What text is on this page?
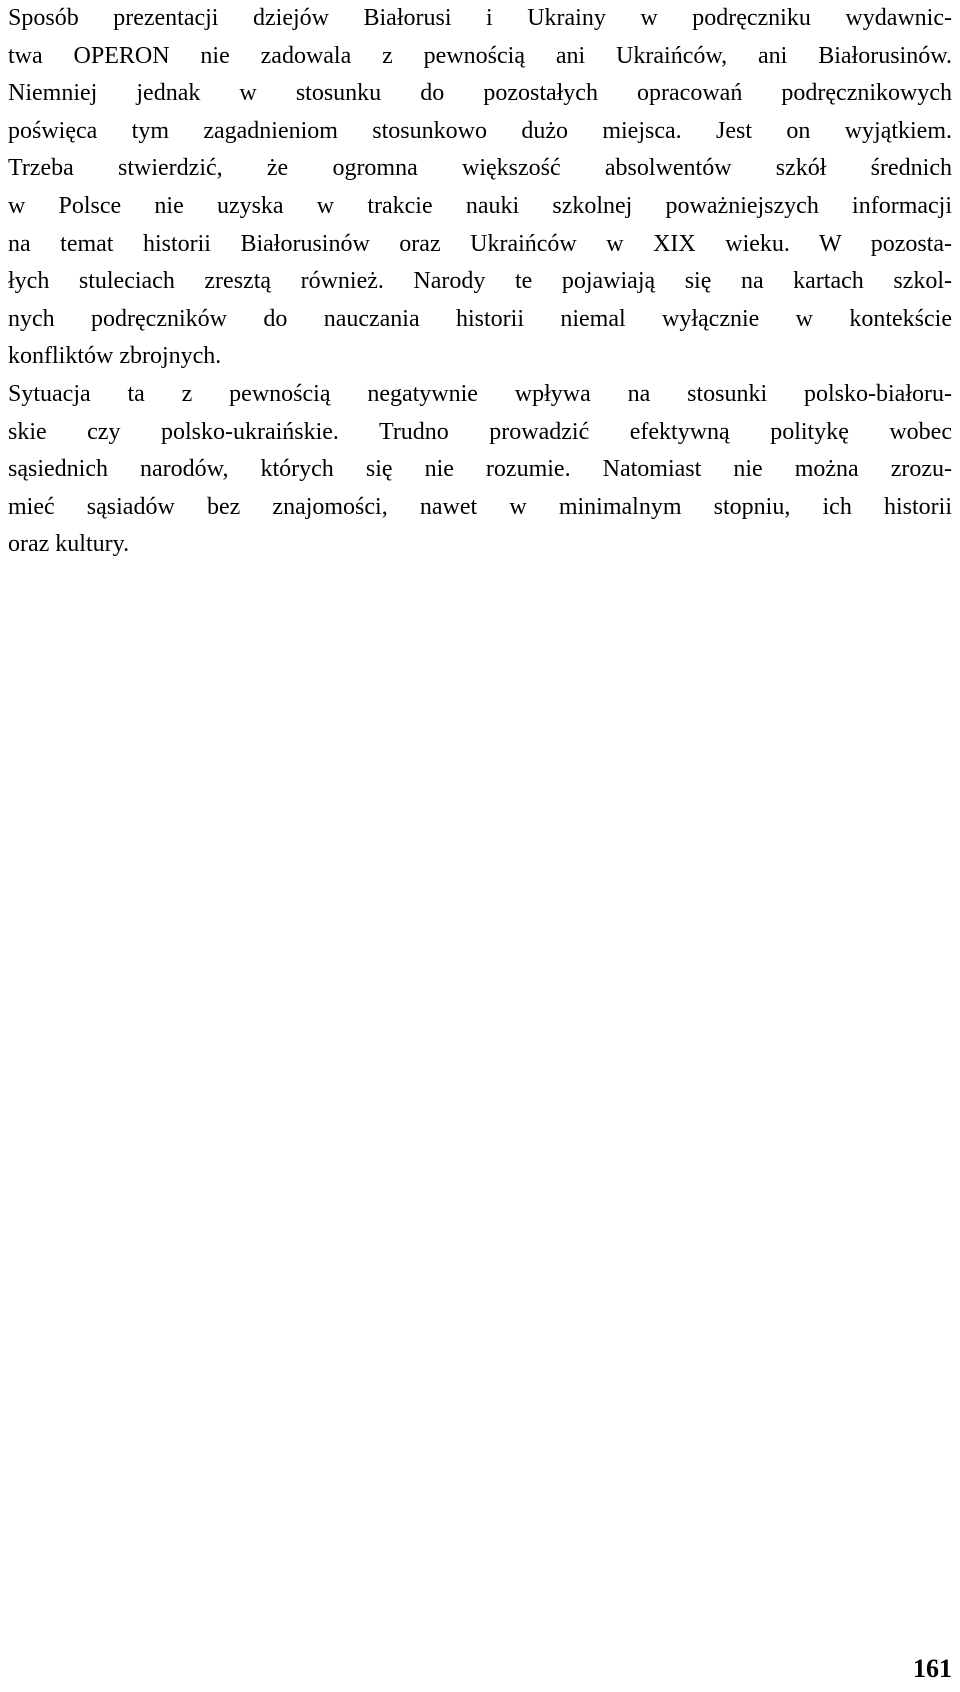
Sposób prezentacji dziejów Białorusi i Ukrainy w podręczniku wydawnic-
twa OPERON nie zadowala z pewnością ani Ukraińców, ani Białorusinów.
Niemniej jednak w stosunku do pozostałych opracowań podręcznikowych
poświęca tym zagadnieniom stosunkowo dużo miejsca. Jest on wyjątkiem.
Trzeba stwierdzić, że ogromna większość absolwentów szkół średnich
w Polsce nie uzyska w trakcie nauki szkolnej poważniejszych informacji
na temat historii Białorusinów oraz Ukraińców w XIX wieku. W pozosta-
łych stuleciach zresztą również. Narody te pojawiają się na kartach szkol-
nych podręczników do nauczania historii niemal wyłącznie w kontekście
konfliktów zbrojnych.
Sytuacja ta z pewnością negatywnie wpływa na stosunki polsko-białoru-
skie czy polsko-ukraińskie. Trudno prowadzić efektywną politykę wobec
sąsiednich narodów, których się nie rozumie. Natomiast nie można zrozu-
mieć sąsiadów bez znajomości, nawet w minimalnym stopniu, ich historii
oraz kultury.
161
